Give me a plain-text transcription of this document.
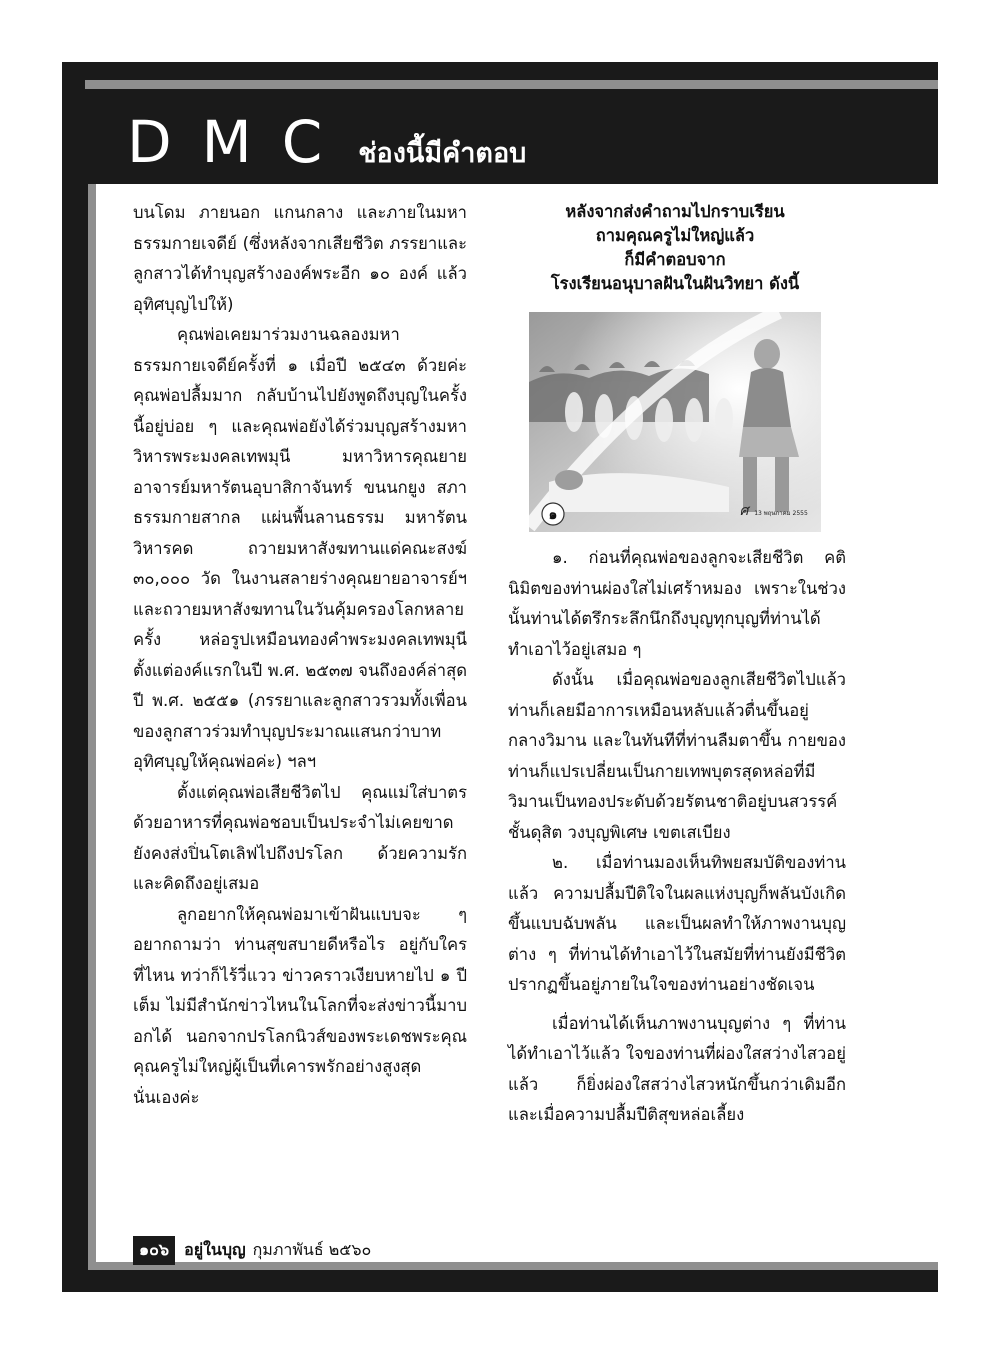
DMC ช่องนี้มีคำตอบ

บนโดม ภายนอก แกนกลาง และภายในมหาธรรมกายเจดีย์ (ซึ่งหลังจากเสียชีวิต ภรรยาและลูกสาวได้ทำบุญสร้างองค์พระอีก ๑๐ องค์ แล้วอุทิศบุญไปให้)

คุณพ่อเคยมาร่วมงานฉลองมหาธรรมกายเจดีย์ครั้งที่ ๑ เมื่อปี ๒๕๔๓ ด้วยค่ะ คุณพ่อปลื้มมาก กลับบ้านไปยังพูดถึงบุญในครั้งนี้อยู่บ่อย ๆ และคุณพ่อยังได้ร่วมบุญสร้างมหาวิหารพระมงคลเทพมุนี มหาวิหารคุณยายอาจารย์มหารัตนอุบาสิกาจันทร์ ขนนกยูง สภาธรรมกายสากล แผ่นพื้นลานธรรม มหารัตนวิหารคด ถวายมหาสังฆทานแด่คณะสงฆ์ ๓๐,๐๐๐ วัด ในงานสลายร่างคุณยายอาจารย์ฯ และถวายมหาสังฆทานในวันคุ้มครองโลกหลายครั้ง หล่อรูปเหมือนทองคำพระมงคลเทพมุนีตั้งแต่องค์แรกในปี พ.ศ. ๒๕๓๗ จนถึงองค์ล่าสุดปี พ.ศ. ๒๕๕๑ (ภรรยาและลูกสาวรวมทั้งเพื่อนของลูกสาวร่วมทำบุญประมาณแสนกว่าบาท อุทิศบุญให้คุณพ่อค่ะ) ฯลฯ

ตั้งแต่คุณพ่อเสียชีวิตไป คุณแม่ใส่บาตรด้วยอาหารที่คุณพ่อชอบเป็นประจำไม่เคยขาด ยังคงส่งปิ่นโตเลิฟไปถึงปรโลก ด้วยความรักและคิดถึงอยู่เสมอ

ลูกอยากให้คุณพ่อมาเข้าฝันแบบจะ ๆ อยากถามว่า ท่านสุขสบายดีหรือไร อยู่กับใครที่ไหน ทว่าก็ไร้วี่แวว ข่าวคราวเงียบหายไป ๑ ปีเต็ม ไม่มีสำนักข่าวไหนในโลกที่จะส่งข่าวนี้มาบอกได้ นอกจากปรโลกนิวส์ของพระเดชพระคุณคุณครูไม่ใหญ่ผู้เป็นที่เคารพรักอย่างสูงสุดนั่นเองค่ะ

หลังจากส่งคำถามไปกราบเรียน
ถามคุณครูไม่ใหญ่แล้ว
ก็มีคำตอบจาก
โรงเรียนอนุบาลฝันในฝันวิทยา ดังนี้
๑	ศ 13 พฤษภาคม 2555

๑. ก่อนที่คุณพ่อของลูกจะเสียชีวิต คตินิมิตของท่านผ่องใสไม่เศร้าหมอง เพราะในช่วงนั้นท่านได้ตรึกระลึกนึกถึงบุญทุกบุญที่ท่านได้ทำเอาไว้อยู่เสมอ ๆ

ดังนั้น เมื่อคุณพ่อของลูกเสียชีวิตไปแล้ว ท่านก็เลยมีอาการเหมือนหลับแล้วตื่นขึ้นอยู่กลางวิมาน และในทันทีที่ท่านลืมตาขึ้น กายของท่านก็แปรเปลี่ยนเป็นกายเทพบุตรสุดหล่อที่มีวิมานเป็นทองประดับด้วยรัตนชาติอยู่บนสวรรค์ชั้นดุสิต วงบุญพิเศษ เขตเสเบียง

๒. เมื่อท่านมองเห็นทิพยสมบัติของท่านแล้ว ความปลื้มปีติใจในผลแห่งบุญก็พลันบังเกิดขึ้นแบบฉับพลัน และเป็นผลทำให้ภาพงานบุญต่าง ๆ ที่ท่านได้ทำเอาไว้ในสมัยที่ท่านยังมีชีวิตปรากฏขึ้นอยู่ภายในใจของท่านอย่างชัดเจน

เมื่อท่านได้เห็นภาพงานบุญต่าง ๆ ที่ท่านได้ทำเอาไว้แล้ว ใจของท่านที่ผ่องใสสว่างไสวอยู่แล้ว ก็ยิ่งผ่องใสสว่างไสวหนักขึ้นกว่าเดิมอีก และเมื่อความปลื้มปีติสุขหล่อเลี้ยง

๑๐๖ อยู่ในบุญ กุมภาพันธ์ ๒๕๖๐
